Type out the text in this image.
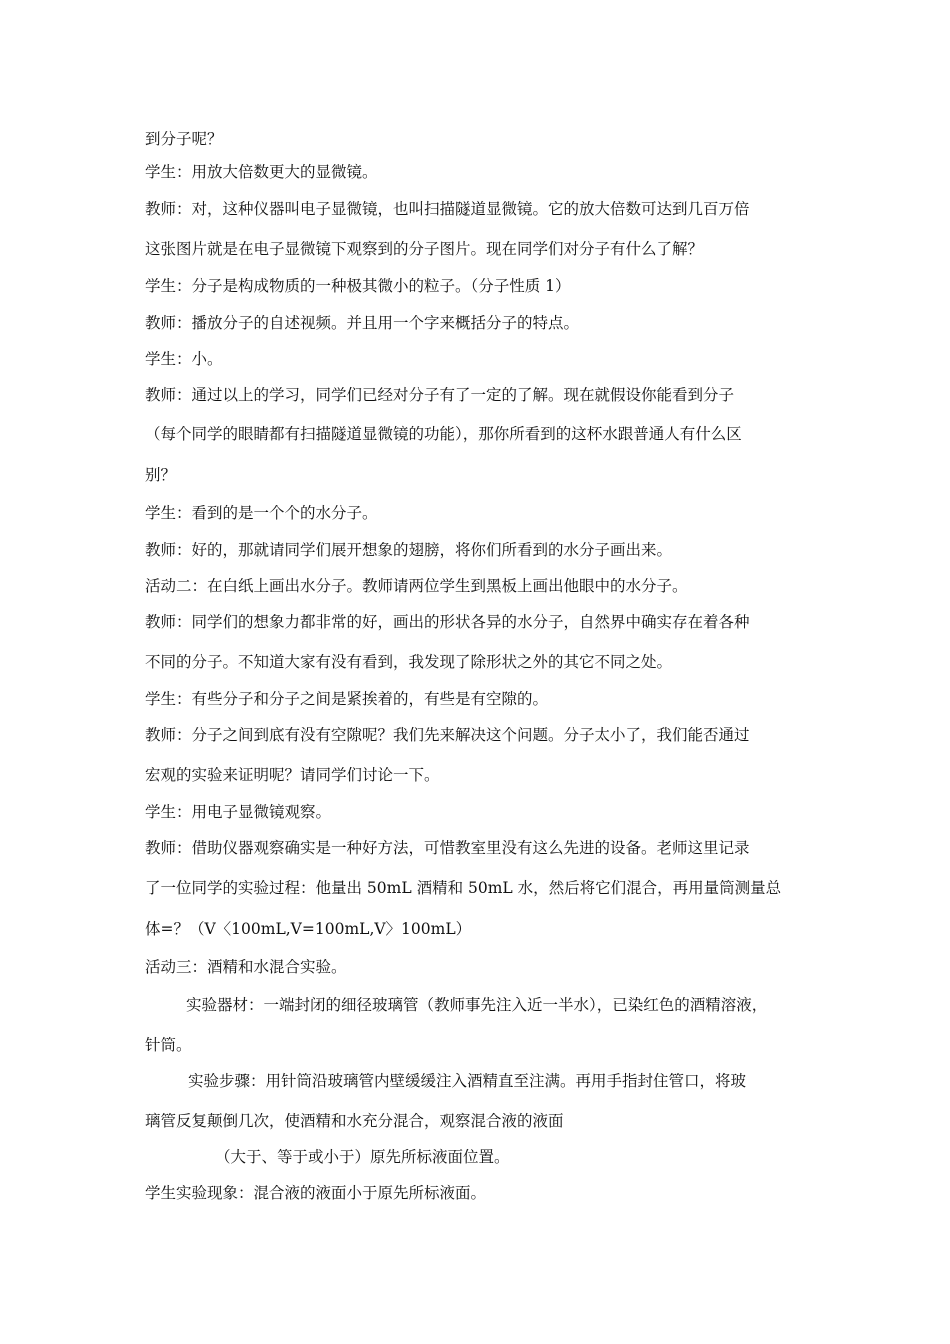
到分子呢？
学生：用放大倍数更大的显微镜。
教师：对，这种仪器叫电子显微镜，也叫扫描隧道显微镜。它的放大倍数可达到几百万倍
这张图片就是在电子显微镜下观察到的分子图片。现在同学们对分子有什么了解？
学生：分子是构成物质的一种极其微小的粒子。（分子性质 1）
教师：播放分子的自述视频。并且用一个字来概括分子的特点。
学生：小。
教师：通过以上的学习，同学们已经对分子有了一定的了解。现在就假设你能看到分子
（每个同学的眼睛都有扫描隧道显微镜的功能），那你所看到的这杯水跟普通人有什么区
别？
学生：看到的是一个个的水分子。
教师：好的，那就请同学们展开想象的翅膀，将你们所看到的水分子画出来。
活动二：在白纸上画出水分子。教师请两位学生到黑板上画出他眼中的水分子。
教师：同学们的想象力都非常的好，画出的形状各异的水分子，自然界中确实存在着各种
不同的分子。不知道大家有没有看到，我发现了除形状之外的其它不同之处。
学生：有些分子和分子之间是紧挨着的，有些是有空隙的。
教师：分子之间到底有没有空隙呢？我们先来解决这个问题。分子太小了，我们能否通过
宏观的实验来证明呢？请同学们讨论一下。
学生：用电子显微镜观察。
教师：借助仪器观察确实是一种好方法，可惜教室里没有这么先进的设备。老师这里记录
了一位同学的实验过程：他量出 50mL 酒精和 50mL 水，然后将它们混合，再用量筒测量总
体=？（V〈100mL,V=100mL,V〉100mL）
活动三：酒精和水混合实验。
实验器材：一端封闭的细径玻璃管（教师事先注入近一半水），已染红色的酒精溶液，
针筒。
实验步骤：用针筒沿玻璃管内壁缓缓注入酒精直至注满。再用手指封住管口，将玻
璃管反复颠倒几次，使酒精和水充分混合，观察混合液的液面
（大于、等于或小于）原先所标液面位置。
学生实验现象：混合液的液面小于原先所标液面。
